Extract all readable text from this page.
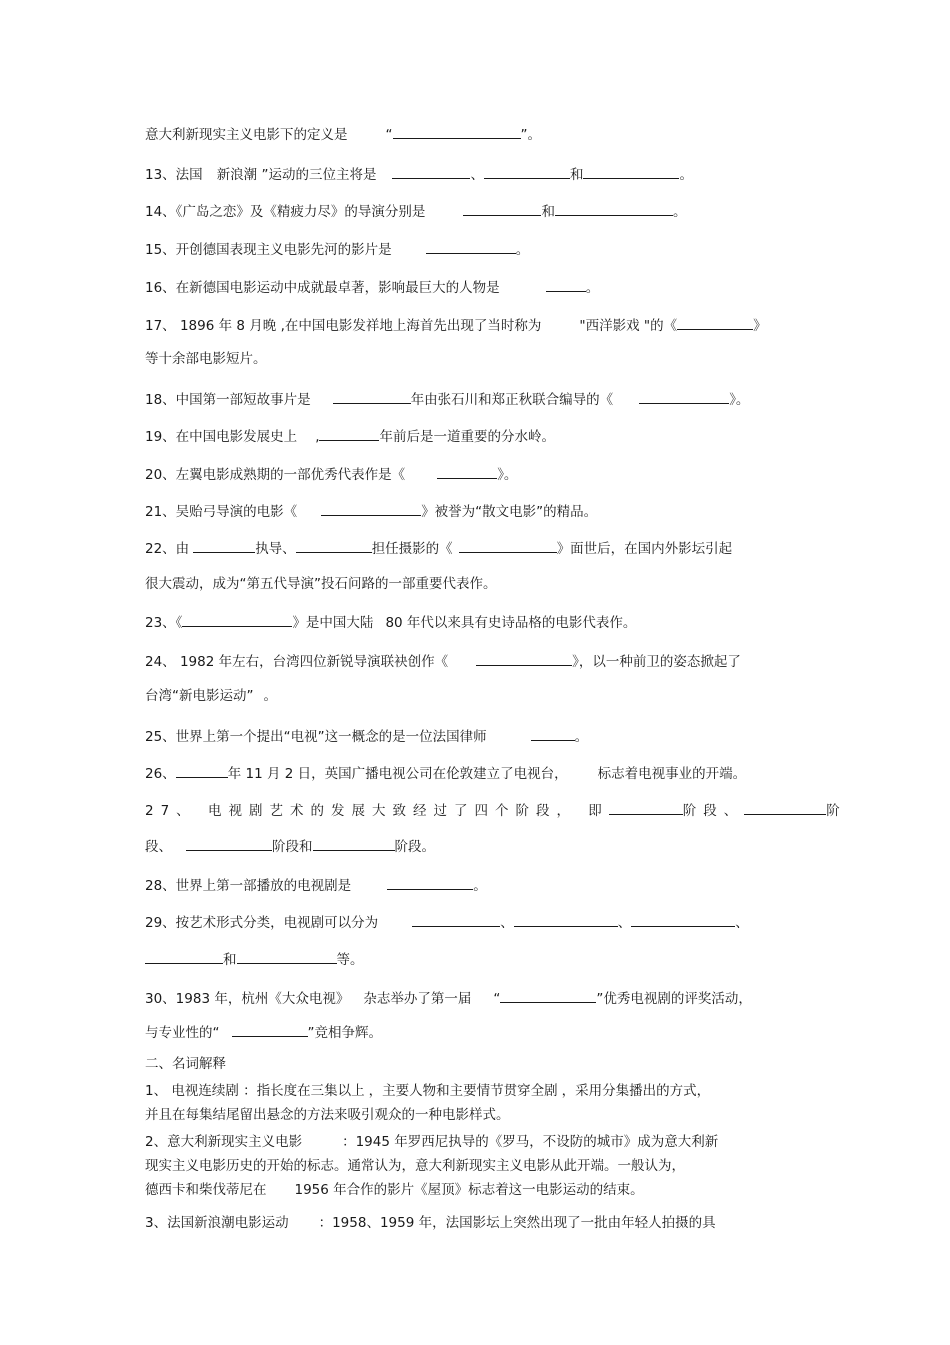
意大利新现实主义电影下的定义是	“	”。
13、法国 新浪潮 ”运动的三位主将是	、	和	。
14、《广岛之恋》及《精疲力尽》的导演分别是	和	。
15、开创德国表现主义电影先河的影片是	。
16、在新德国电影运动中成就最卓著，影响最巨大的人物是	。
17、 1896 年 8 月晚 ,在中国电影发祥地上海首先出现了当时称为	"西洋影戏 "的《	》
等十余部电影短片。
18、中国第一部短故事片是	年由张石川和郑正秋联合编导的《	》。
19、在中国电影发展史上 ,	年前后是一道重要的分水岭。
20、左翼电影成熟期的一部优秀代表作是《	》。
21、吴贻弓导演的电影《	》被誉为“散文电影”的精品。
22、由	执导、	担任摄影的《	》面世后，在国内外影坛引起
很大震动，成为“第五代导演”投石问路的一部重要代表作。
23、《	》是中国大陆 80 年代以来具有史诗品格的电影代表作。
24、 1982 年左右，台湾四位新锐导演联袂创作《	》，以一种前卫的姿态掀起了
台湾“新电影运动” 。
25、世界上第一个提出“电视”这一概念的是一位法国律师	。
26、	年 11 月 2 日，英国广播电视公司在伦敦建立了电视台， 标志着电视事业的开端。
27、 电视剧艺术的发展大致经过了四个阶段， 即	阶段、	阶
段、	阶段和	阶段。
28、世界上第一部播放的电视剧是	。
29、按艺术形式分类，电视剧可以分为	、	、	、
和	等。
30、1983 年，杭州《大众电视》 杂志举办了第一届 “	”优秀电视剧的评奖活动，
与专业性的“	”竞相争辉。
二、名词解释
1、 电视连续剧 ：指长度在三集以上 ，主要人物和主要情节贯穿全剧 ，采用分集播出的方式，
并且在每集结尾留出悬念的方法来吸引观众的一种电影样式。
2、意大利新现实主义电影	：1945 年罗西尼执导的《罗马，不设防的城市》成为意大利新
现实主义电影历史的开始的标志。通常认为，意大利新现实主义电影从此开端。一般认为，
德西卡和柴伐蒂尼在 1956 年合作的影片《屋顶》标志着这一电影运动的结束。
3、法国新浪潮电影运动 ：1958、1959 年，法国影坛上突然出现了一批由年轻人拍摄的具
